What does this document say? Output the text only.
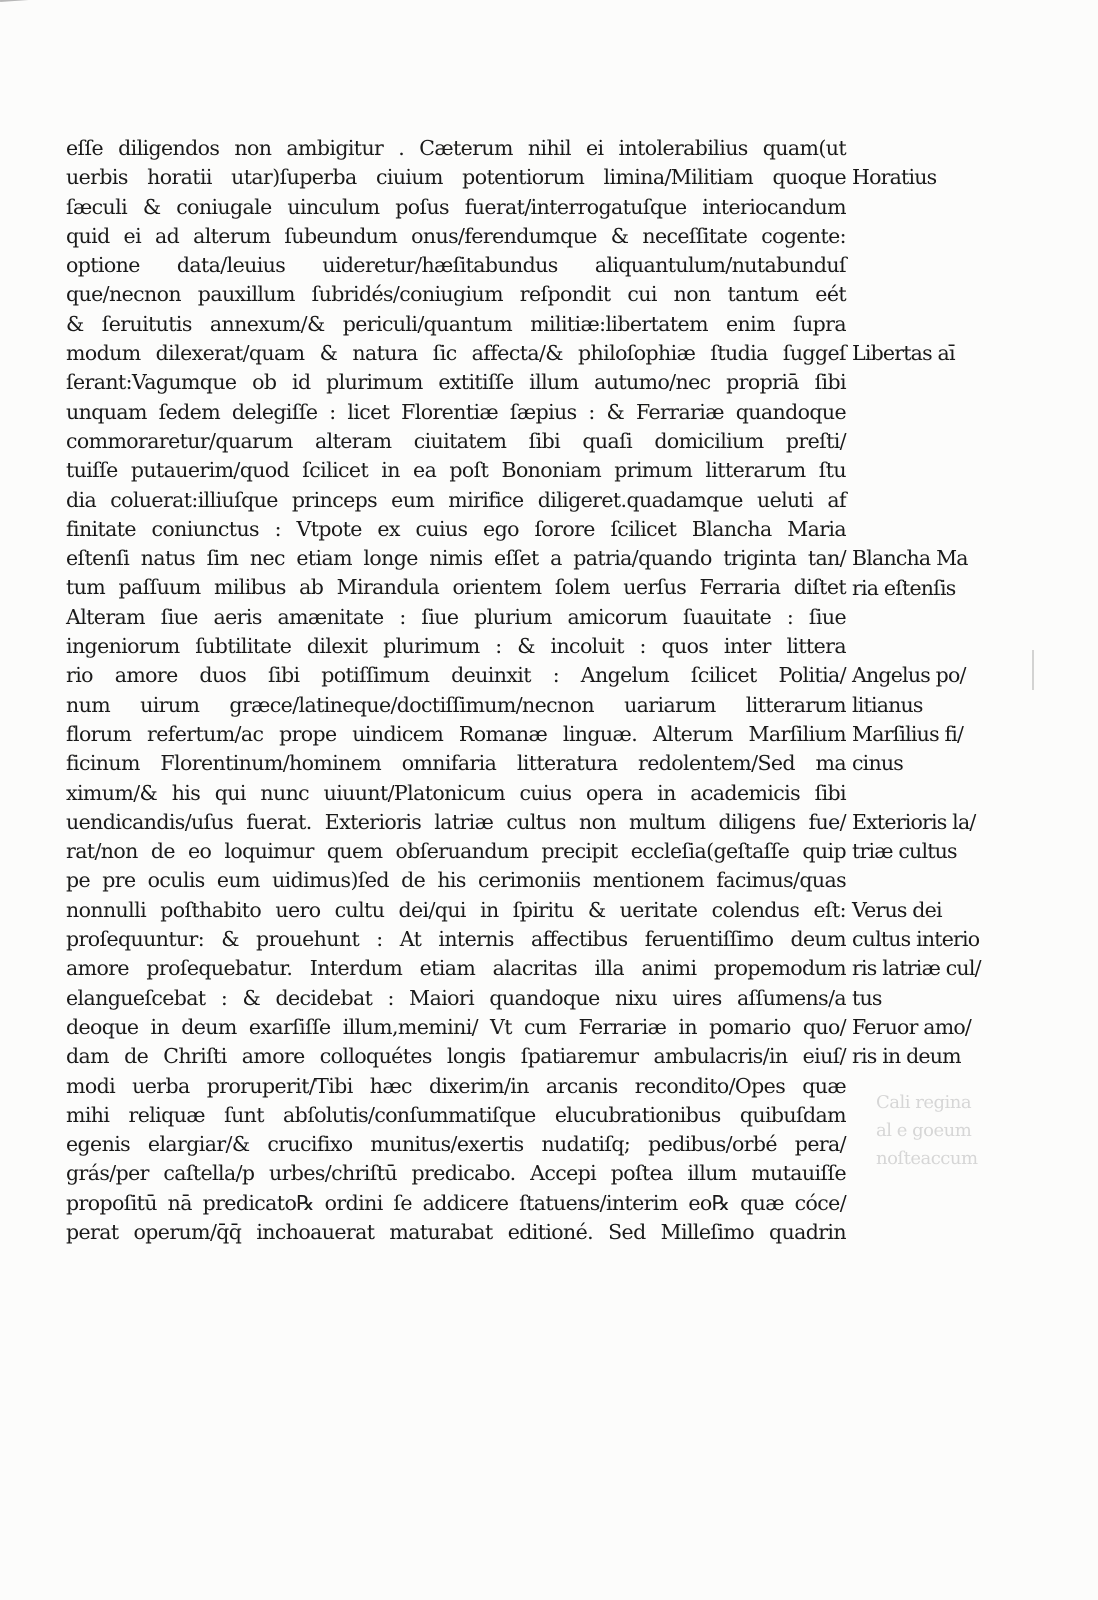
eſſe diligendos non ambigitur . Cæterum nihil ei intolerabilius quam(ut
uerbis horatii utar)ſuperba ciuium potentiorum limina/Militiam quoque
ſæculi & coniugale uinculum poſus fuerat/interrogatuſque interiocandum
quid ei ad alterum ſubeundum onus/ferendumque & neceſſitate cogente:
optione data/leuius uideretur/hæſitabundus aliquantulum/nutabunduſ
que/necnon pauxillum ſubridés/coniugium reſpondit cui non tantum eét
& ſeruitutis annexum/& periculi/quantum militiæ:libertatem enim ſupra
modum dilexerat/quam & natura ſic affecta/& philoſophiæ ſtudia ſuggeſ
ſerant:Vagumque ob id plurimum extitiſſe illum autumo/nec propriā ſibi
unquam ſedem delegiſſe : licet Florentiæ ſæpius : & Ferrariæ quandoque
commoraretur/quarum alteram ciuitatem ſibi quaſi domicilium preſti/
tuiſſe putauerim/quod ſcilicet in ea poſt Bononiam primum litterarum ſtu
dia coluerat:illiuſque princeps eum mirifice diligeret.quadamque ueluti af
finitate coniunctus : Vtpote ex cuius ego ſorore ſcilicet Blancha Maria
eſtenſi natus ſim nec etiam longe nimis eſſet a patria/quando triginta tan/
tum paſſuum milibus ab Mirandula orientem ſolem uerſus Ferraria diſtet
Alteram ſiue aeris amænitate : ſiue plurium amicorum ſuauitate : ſiue
ingeniorum ſubtilitate dilexit plurimum : & incoluit : quos inter littera
rio amore duos ſibi potiſſimum deuinxit : Angelum ſcilicet Politia/
num uirum græce/latineque/doctiſſimum/necnon uariarum litterarum
florum refertum/ac prope uindicem Romanæ linguæ. Alterum Marſilium
ficinum Florentinum/hominem omnifaria litteratura redolentem/Sed ma
ximum/& his qui nunc uiuunt/Platonicum cuius opera in academicis ſibi
uendicandis/uſus fuerat. Exterioris latriæ cultus non multum diligens fue/
rat/non de eo loquimur quem obſeruandum precipit eccleſia(geſtaſſe quip
pe pre oculis eum uidimus)ſed de his cerimoniis mentionem facimus/quas
nonnulli poſthabito uero cultu dei/qui in ſpiritu & ueritate colendus eſt:
proſequuntur: & prouehunt : At internis affectibus feruentiſſimo deum
amore proſequebatur. Interdum etiam alacritas illa animi propemodum
elangueſcebat : & decidebat : Maiori quandoque nixu uires aſſumens/a
deoque in deum exarſiſſe illum,memini/ Vt cum Ferrariæ in pomario quo/
dam de Chriſti amore colloquétes longis ſpatiaremur ambulacris/in eiuſ/
modi uerba proruperit/Tibi hæc dixerim/in arcanis recondito/Opes quæ
mihi reliquæ ſunt abſolutis/conſummatiſque elucubrationibus quibuſdam
egenis elargiar/& crucifixo munitus/exertis nudatiſq; pedibus/orbé pera/
grás/per caſtella/p urbes/chriſtū predicabo. Accepi poſtea illum mutauiſſe
propoſitū nā predicato℞ ordini ſe addicere ſtatuens/interim eo℞ quæ cóce/
perat operum/q̄q̄ inchoauerat maturabat editioné. Sed Milleſimo quadrin
Horatius
Libertas aī
Blancha Ma
ria eſtenſis
Angelus po/
litianus
Marſilius fi/
cinus
Exterioris la/
triæ cultus
Verus dei
cultus interio
ris latriæ cul/
tus
Feruor amo/
ris in deum
Cali regina
al e goeum
noſteaccum
